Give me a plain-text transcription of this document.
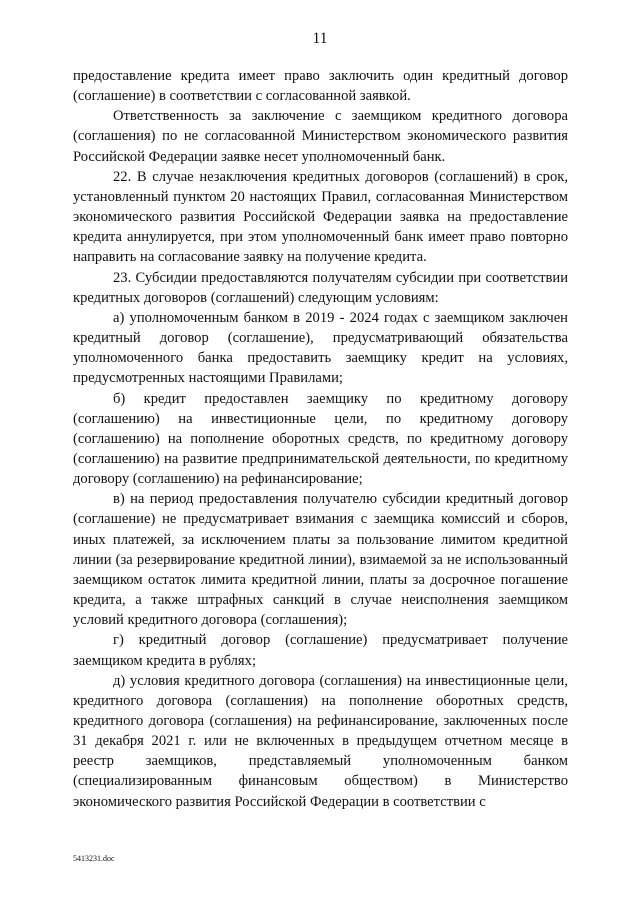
11

предоставление кредита имеет право заключить один кредитный договор (соглашение) в соответствии с согласованной заявкой.

Ответственность за заключение с заемщиком кредитного договора (соглашения) по не согласованной Министерством экономического развития Российской Федерации заявке несет уполномоченный банк.

22. В случае незаключения кредитных договоров (соглашений) в срок, установленный пунктом 20 настоящих Правил, согласованная Министерством экономического развития Российской Федерации заявка на предоставление кредита аннулируется, при этом уполномоченный банк имеет право повторно направить на согласование заявку на получение кредита.

23. Субсидии предоставляются получателям субсидии при соответствии кредитных договоров (соглашений) следующим условиям:

а) уполномоченным банком в 2019 - 2024 годах с заемщиком заключен кредитный договор (соглашение), предусматривающий обязательства уполномоченного банка предоставить заемщику кредит на условиях, предусмотренных настоящими Правилами;

б) кредит предоставлен заемщику по кредитному договору (соглашению) на инвестиционные цели, по кредитному договору (соглашению) на пополнение оборотных средств, по кредитному договору (соглашению) на развитие предпринимательской деятельности, по кредитному договору (соглашению) на рефинансирование;

в) на период предоставления получателю субсидии кредитный договор (соглашение) не предусматривает взимания с заемщика комиссий и сборов, иных платежей, за исключением платы за пользование лимитом кредитной линии (за резервирование кредитной линии), взимаемой за не использованный заемщиком остаток лимита кредитной линии, платы за досрочное погашение кредита, а также штрафных санкций в случае неисполнения заемщиком условий кредитного договора (соглашения);

г) кредитный договор (соглашение) предусматривает получение заемщиком кредита в рублях;

д) условия кредитного договора (соглашения) на инвестиционные цели, кредитного договора (соглашения) на пополнение оборотных средств, кредитного договора (соглашения) на рефинансирование, заключенных после 31 декабря 2021 г. или не включенных в предыдущем отчетном месяце в реестр заемщиков, представляемый уполномоченным банком (специализированным финансовым обществом) в Министерство экономического развития Российской Федерации в соответствии с

5413231.doc
